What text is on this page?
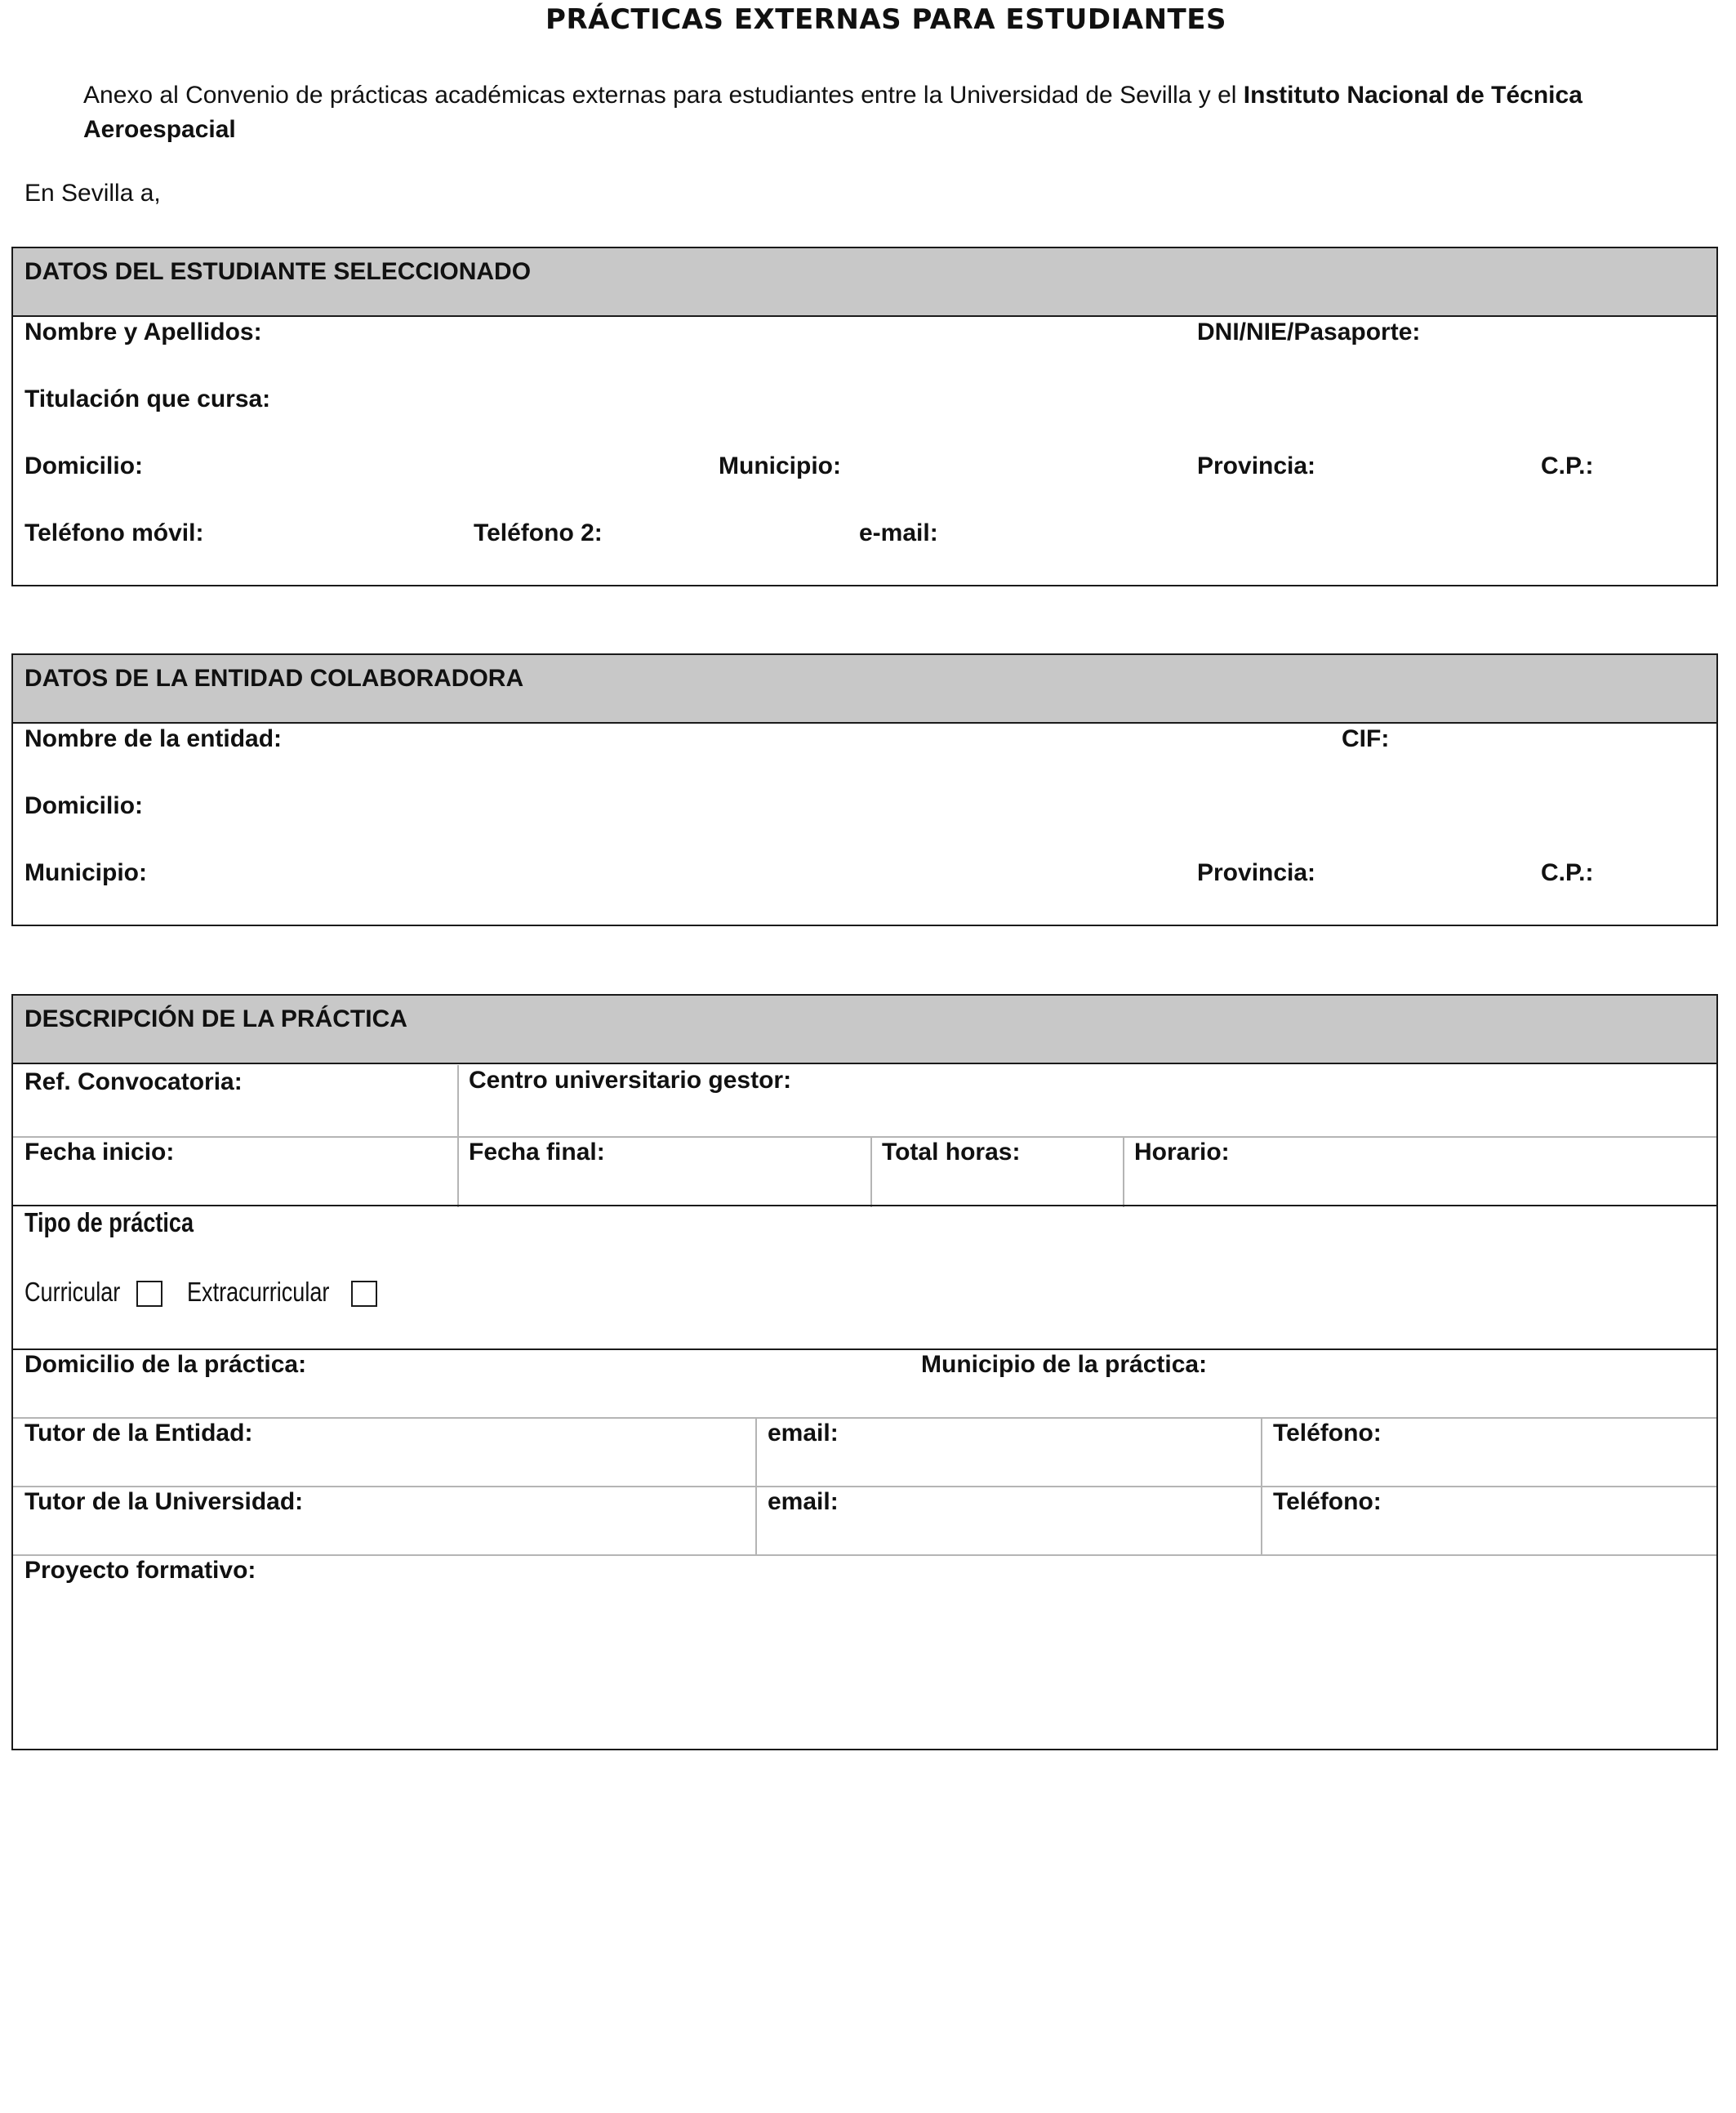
PRÁCTICAS EXTERNAS PARA ESTUDIANTES
Anexo al Convenio de prácticas académicas externas para estudiantes entre la Universidad de Sevilla y el Instituto Nacional de Técnica Aeroespacial
En Sevilla a,
DATOS DEL ESTUDIANTE SELECCIONADO
Nombre y Apellidos:	DNI/NIE/Pasaporte:
Titulación que cursa:
Domicilio:	Municipio:	Provincia:	C.P.:
Teléfono móvil:	Teléfono 2:	e-mail:
DATOS DE LA ENTIDAD COLABORADORA
Nombre de la entidad:	CIF:
Domicilio:
Municipio:	Provincia:	C.P.:
DESCRIPCIÓN DE LA PRÁCTICA
Ref. Convocatoria:	Centro universitario gestor:
Fecha inicio:	Fecha final:	Total horas:	Horario:
Tipo de práctica
Curricular Extracurricular
Domicilio de la práctica:	Municipio de la práctica:
Tutor de la Entidad:	email:	Teléfono:
Tutor de la Universidad:	email:	Teléfono:
Proyecto formativo:
